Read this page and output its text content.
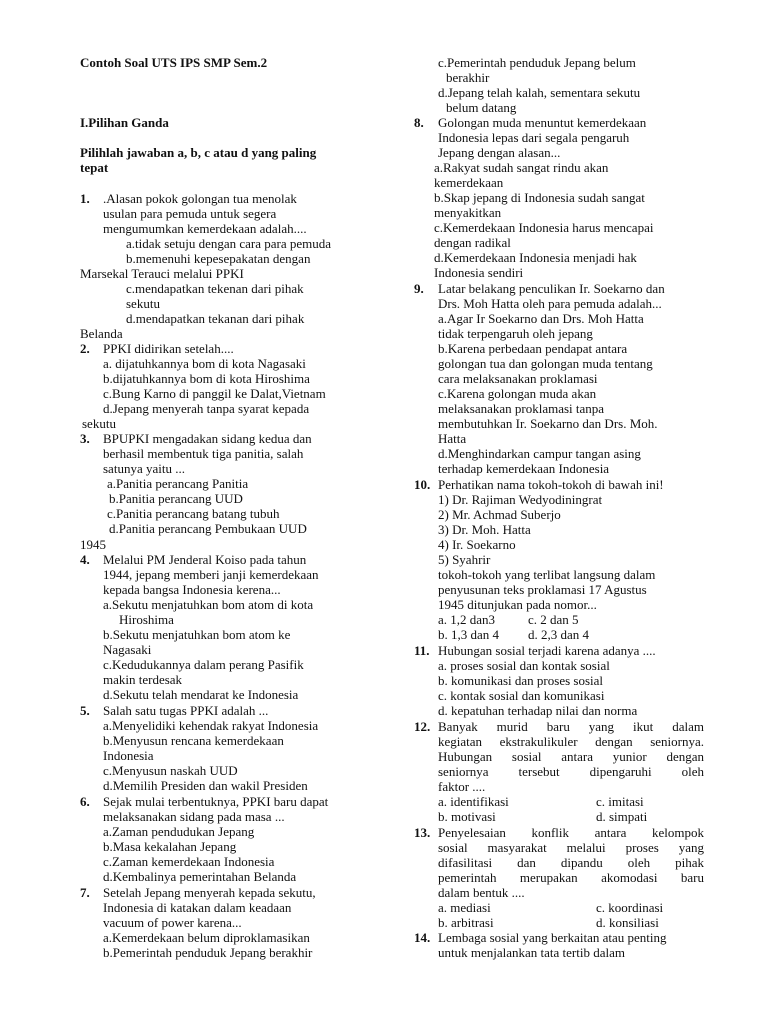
Contoh Soal UTS IPS SMP Sem.2
I.Pilihan Ganda
Pilihlah jawaban a, b, c atau d yang paling
tepat
1. .Alasan pokok golongan tua menolak
usulan para pemuda untuk segera
mengumumkan kemerdekaan adalah....
a.tidak setuju dengan cara para pemuda
b.memenuhi kepesepakatan dengan
Marsekal Terauci melalui PPKI
c.mendapatkan tekenan dari pihak
sekutu
d.mendapatkan tekanan dari pihak
Belanda
2. PPKI didirikan setelah....
a. dijatuhkannya bom di kota Nagasaki
b.dijatuhkannya bom di kota Hiroshima
c.Bung Karno di panggil ke Dalat,Vietnam
d.Jepang menyerah tanpa syarat kepada
sekutu
3. BPUPKI mengadakan sidang kedua dan
berhasil membentuk tiga panitia, salah
satunya yaitu ...
a.Panitia perancang Panitia
b.Panitia perancang UUD
c.Panitia perancang batang tubuh
d.Panitia perancang Pembukaan UUD
1945
4. Melalui PM Jenderal Koiso pada tahun
1944, jepang memberi janji kemerdekaan
kepada bangsa Indonesia kerena...
a.Sekutu menjatuhkan bom atom di kota
Hiroshima
b.Sekutu menjatuhkan bom atom ke
Nagasaki
c.Kedudukannya dalam perang Pasifik
makin terdesak
d.Sekutu telah mendarat ke Indonesia
5. Salah satu tugas PPKI adalah ...
a.Menyelidiki kehendak rakyat Indonesia
b.Menyusun rencana kemerdekaan
Indonesia
c.Menyusun naskah UUD
d.Memilih Presiden dan wakil Presiden
6. Sejak mulai terbentuknya, PPKI baru dapat
melaksanakan sidang pada masa ...
a.Zaman pendudukan Jepang
b.Masa kekalahan Jepang
c.Zaman kemerdekaan Indonesia
d.Kembalinya pemerintahan Belanda
7. Setelah Jepang menyerah kepada sekutu,
Indonesia di katakan dalam keadaan
vacuum of power karena...
a.Kemerdekaan belum diproklamasikan
b.Pemerintah penduduk Jepang berakhir
c.Pemerintah penduduk Jepang belum
berakhir
d.Jepang telah kalah, sementara sekutu
belum datang
8. Golongan muda menuntut kemerdekaan
Indonesia lepas dari segala pengaruh
Jepang dengan alasan...
a.Rakyat sudah sangat rindu akan
kemerdekaan
b.Skap jepang di Indonesia sudah sangat
menyakitkan
c.Kemerdekaan Indonesia harus mencapai
dengan radikal
d.Kemerdekaan Indonesia menjadi hak
Indonesia sendiri
9. Latar belakang penculikan Ir. Soekarno dan
Drs. Moh Hatta oleh para pemuda adalah...
a.Agar Ir Soekarno dan Drs. Moh Hatta
tidak terpengaruh oleh jepang
b.Karena perbedaan pendapat antara
golongan tua dan golongan muda tentang
cara melaksanakan proklamasi
c.Karena golongan muda akan
melaksanakan proklamasi tanpa
membutuhkan Ir. Soekarno dan Drs. Moh.
Hatta
d.Menghindarkan campur tangan asing
terhadap kemerdekaan Indonesia
10. Perhatikan nama tokoh-tokoh di bawah ini!
1) Dr. Rajiman Wedyodiningrat
2) Mr. Achmad Suberjo
3) Dr. Moh. Hatta
4) Ir. Soekarno
5) Syahrir
tokoh-tokoh yang terlibat langsung dalam
penyusunan teks proklamasi 17 Agustus
1945 ditunjukan pada nomor...
a. 1,2 dan3	c. 2 dan 5
b. 1,3 dan 4 d. 2,3 dan 4
11. Hubungan sosial terjadi karena adanya ....
a. proses sosial dan kontak sosial
b. komunikasi dan proses sosial
c. kontak sosial dan komunikasi
d. kepatuhan terhadap nilai dan norma
12. Banyak murid baru yang ikut dalam
kegiatan ekstrakulikuler dengan seniornya.
Hubungan sosial antara yunior dengan
seniornya tersebut dipengaruhi oleh
faktor ....
a. identifikasi	c. imitasi
b. motivasi	d. simpati
13. Penyelesaian konflik antara kelompok
sosial masyarakat melalui proses yang
difasilitasi dan dipandu oleh pihak
pemerintah merupakan akomodasi baru
dalam bentuk ....
a. mediasi	c. koordinasi
b. arbitrasi	d. konsiliasi
14. Lembaga sosial yang berkaitan atau penting
untuk menjalankan tata tertib dalam
